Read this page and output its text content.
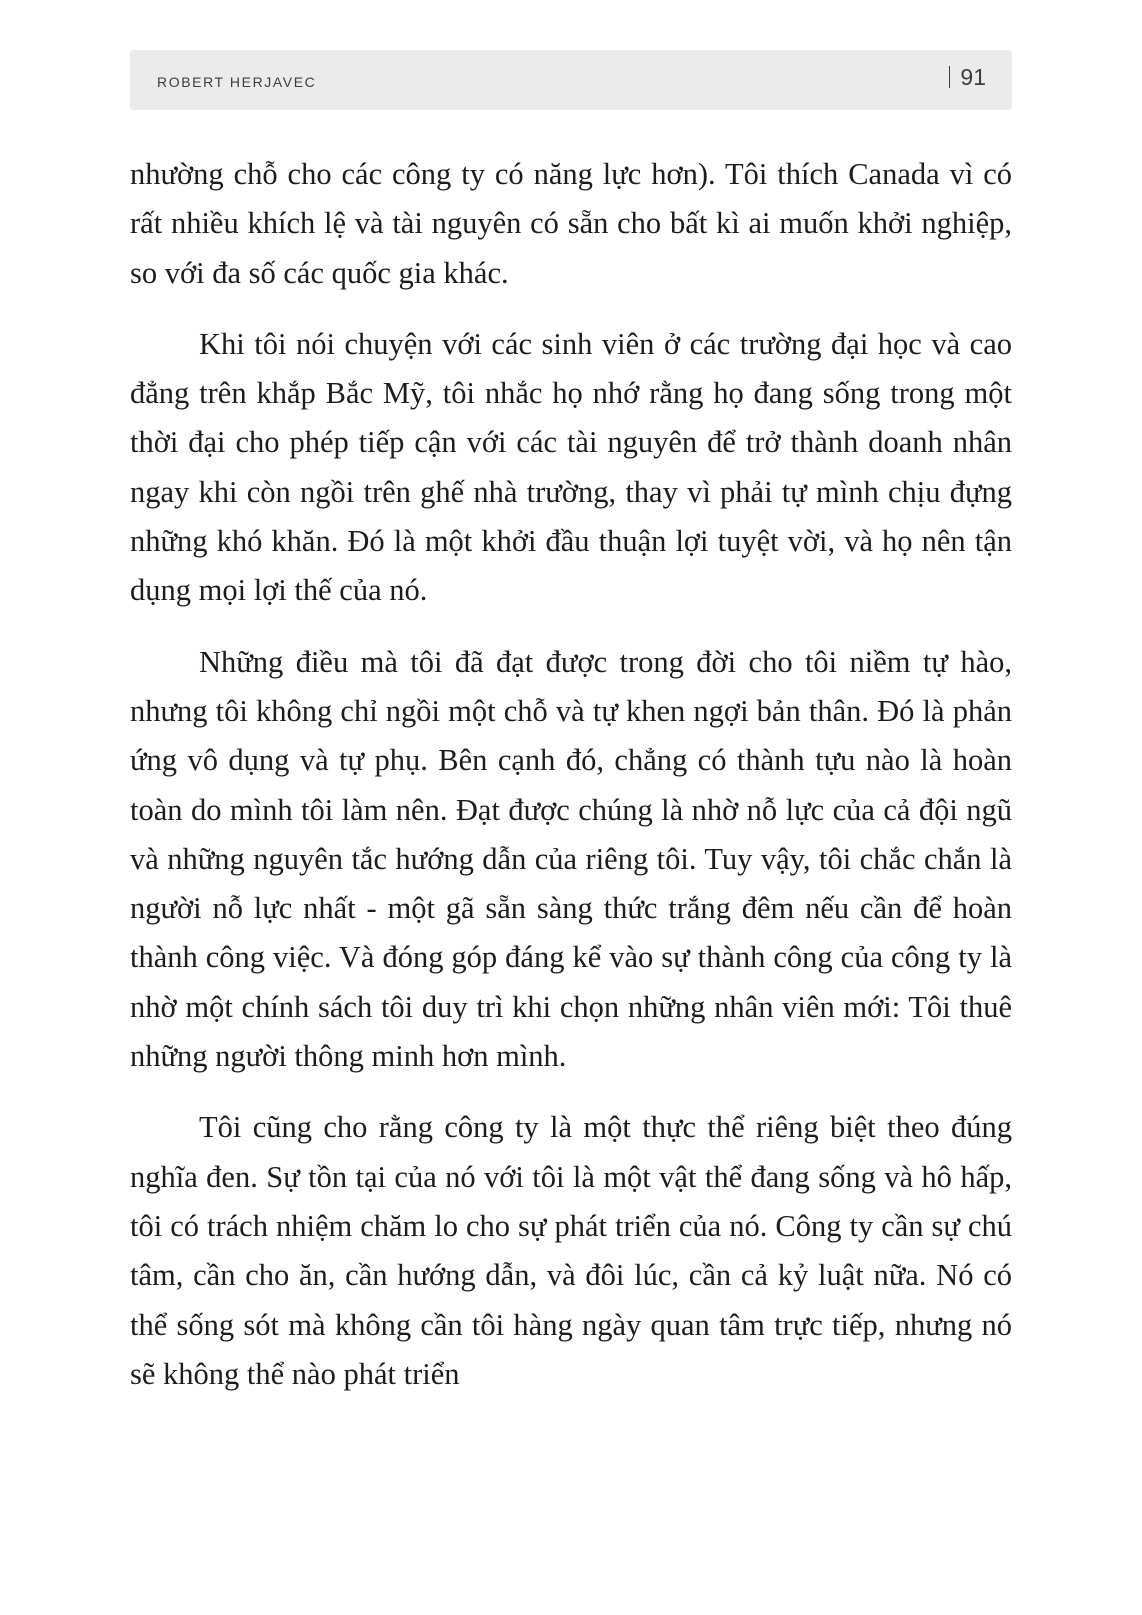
ROBERT HERJAVEC	91

nhường chỗ cho các công ty có năng lực hơn). Tôi thích Canada vì có rất nhiều khích lệ và tài nguyên có sẵn cho bất kì ai muốn khởi nghiệp, so với đa số các quốc gia khác.

Khi tôi nói chuyện với các sinh viên ở các trường đại học và cao đẳng trên khắp Bắc Mỹ, tôi nhắc họ nhớ rằng họ đang sống trong một thời đại cho phép tiếp cận với các tài nguyên để trở thành doanh nhân ngay khi còn ngồi trên ghế nhà trường, thay vì phải tự mình chịu đựng những khó khăn. Đó là một khởi đầu thuận lợi tuyệt vời, và họ nên tận dụng mọi lợi thế của nó.

Những điều mà tôi đã đạt được trong đời cho tôi niềm tự hào, nhưng tôi không chỉ ngồi một chỗ và tự khen ngợi bản thân. Đó là phản ứng vô dụng và tự phụ. Bên cạnh đó, chẳng có thành tựu nào là hoàn toàn do mình tôi làm nên. Đạt được chúng là nhờ nỗ lực của cả đội ngũ và những nguyên tắc hướng dẫn của riêng tôi. Tuy vậy, tôi chắc chắn là người nỗ lực nhất - một gã sẵn sàng thức trắng đêm nếu cần để hoàn thành công việc. Và đóng góp đáng kể vào sự thành công của công ty là nhờ một chính sách tôi duy trì khi chọn những nhân viên mới: Tôi thuê những người thông minh hơn mình.

Tôi cũng cho rằng công ty là một thực thể riêng biệt theo đúng nghĩa đen. Sự tồn tại của nó với tôi là một vật thể đang sống và hô hấp, tôi có trách nhiệm chăm lo cho sự phát triển của nó. Công ty cần sự chú tâm, cần cho ăn, cần hướng dẫn, và đôi lúc, cần cả kỷ luật nữa. Nó có thể sống sót mà không cần tôi hàng ngày quan tâm trực tiếp, nhưng nó sẽ không thể nào phát triển
